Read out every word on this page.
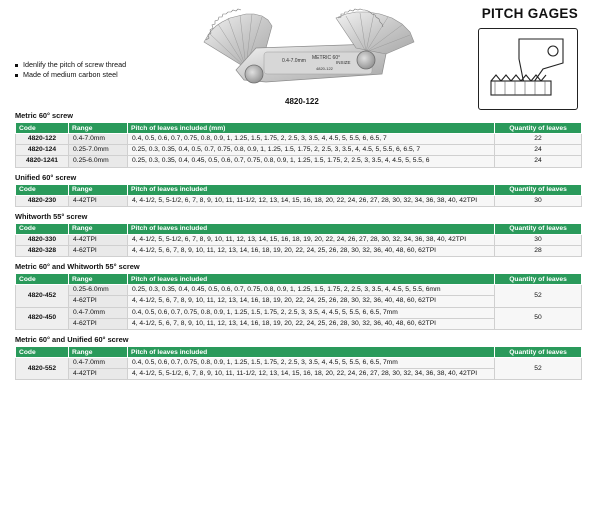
PITCH GAGES
0.4-7.0mm METRIC 60°
INSIZE
4820-122
4820-122
Idenlify the pitch of screw thread
Made of medium carbon steel
Metric 60° screw
Code	Range	Pitch of leaves included (mm)	Quantity of leaves
4820-122	0.4-7.0mm	0.4, 0.5, 0.6, 0.7, 0.75, 0.8, 0.9, 1, 1.25, 1.5, 1.75, 2, 2.5, 3, 3.5, 4, 4.5, 5, 5.5, 6, 6.5, 7	22
4820-124	0.25-7.0mm	0.25, 0.3, 0.35, 0.4, 0.5, 0.7, 0.75, 0.8, 0.9, 1, 1.25, 1.5, 1.75, 2, 2.5, 3, 3.5, 4, 4.5, 5, 5.5, 6, 6.5, 7	24
4820-1241	0.25-6.0mm	0.25, 0.3, 0.35, 0.4, 0.45, 0.5, 0.6, 0.7, 0.75, 0.8, 0.9, 1, 1.25, 1.5, 1.75, 2, 2.5, 3, 3.5, 4, 4.5, 5, 5.5, 6	24
Unified 60° screw
Code	Range	Pitch of leaves included	Quantity of leaves
4820-230	4-42TPI	4, 4-1/2, 5, 5-1/2, 6, 7, 8, 9, 10, 11, 11-1/2, 12, 13, 14, 15, 16, 18, 20, 22, 24, 26, 27, 28, 30, 32, 34, 36, 38, 40, 42TPI	30
Whitworth 55° screw
Code	Range	Pitch of leaves included	Quantity of leaves
4820-330	4-42TPI	4, 4-1/2, 5, 5-1/2, 6, 7, 8, 9, 10, 11, 12, 13, 14, 15, 16, 18, 19, 20, 22, 24, 26, 27, 28, 30, 32, 34, 36, 38, 40, 42TPI	30
4820-328	4-62TPI	4, 4-1/2, 5, 6, 7, 8, 9, 10, 11, 12, 13, 14, 16, 18, 19, 20, 22, 24, 25, 26, 28, 30, 32, 36, 40, 48, 60, 62TPI	28
Metric 60° and Whitworth 55° screw
Code	Range	Pitch of leaves included	Quantity of leaves
4820-452	0.25-6.0mm	0.25, 0.3, 0.35, 0.4, 0.45, 0.5, 0.6, 0.7, 0.75, 0.8, 0.9, 1, 1.25, 1.5, 1.75, 2, 2.5, 3, 3.5, 4, 4.5, 5, 5.5, 6mm	52
	4-62TPI	4, 4-1/2, 5, 6, 7, 8, 9, 10, 11, 12, 13, 14, 16, 18, 19, 20, 22, 24, 25, 26, 28, 30, 32, 36, 40, 48, 60, 62TPI	
4820-450	0.4-7.0mm	0.4, 0.5, 0.6, 0.7, 0.75, 0.8, 0.9, 1, 1.25, 1.5, 1.75, 2, 2.5, 3, 3.5, 4, 4.5, 5, 5.5, 6, 6.5, 7mm	50
	4-62TPI	4, 4-1/2, 5, 6, 7, 8, 9, 10, 11, 12, 13, 14, 16, 18, 19, 20, 22, 24, 25, 26, 28, 30, 32, 36, 40, 48, 60, 62TPI	
Metric 60° and Unified 60° screw
Code	Range	Pitch of leaves included	Quantity of leaves
4820-552	0.4-7.0mm	0.4, 0.5, 0.6, 0.7, 0.75, 0.8, 0.9, 1, 1.25, 1.5, 1.75, 2, 2.5, 3, 3.5, 4, 4.5, 5, 5.5, 6, 6.5, 7mm	52
	4-42TPI	4, 4-1/2, 5, 5-1/2, 6, 7, 8, 9, 10, 11, 11-1/2, 12, 13, 14, 15, 16, 18, 20, 22, 24, 26, 27, 28, 30, 32, 34, 36, 38, 40, 42TPI	
